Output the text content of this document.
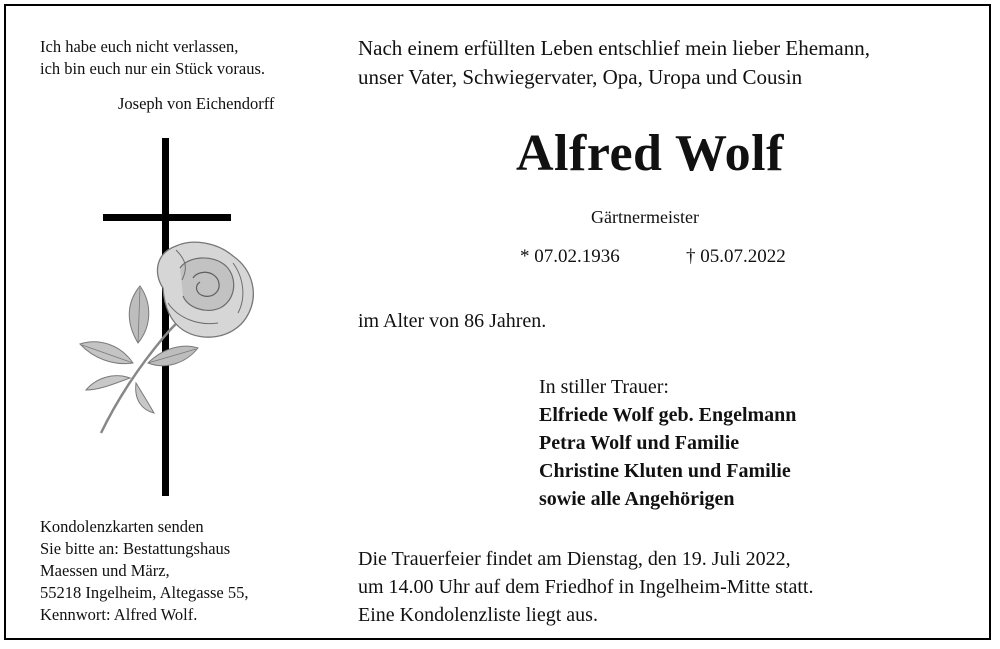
Ich habe euch nicht verlassen,
ich bin euch nur ein Stück voraus.
Joseph von Eichendorff
Nach einem erfüllten Leben entschlief mein lieber Ehemann,
unser Vater, Schwiegervater, Opa, Uropa und Cousin
Alfred Wolf
Gärtnermeister
* 07.02.1936	† 05.07.2022
im Alter von 86 Jahren.
In stiller Trauer:
Elfriede Wolf geb. Engelmann
Petra Wolf und Familie
Christine Kluten und Familie
sowie alle Angehörigen
Kondolenzkarten senden
Sie bitte an: Bestattungshaus
Maessen und März,
55218 Ingelheim, Altegasse 55,
Kennwort: Alfred Wolf.
Die Trauerfeier findet am Dienstag, den 19. Juli 2022,
um 14.00 Uhr auf dem Friedhof in Ingelheim-Mitte statt.
Eine Kondolenzliste liegt aus.
